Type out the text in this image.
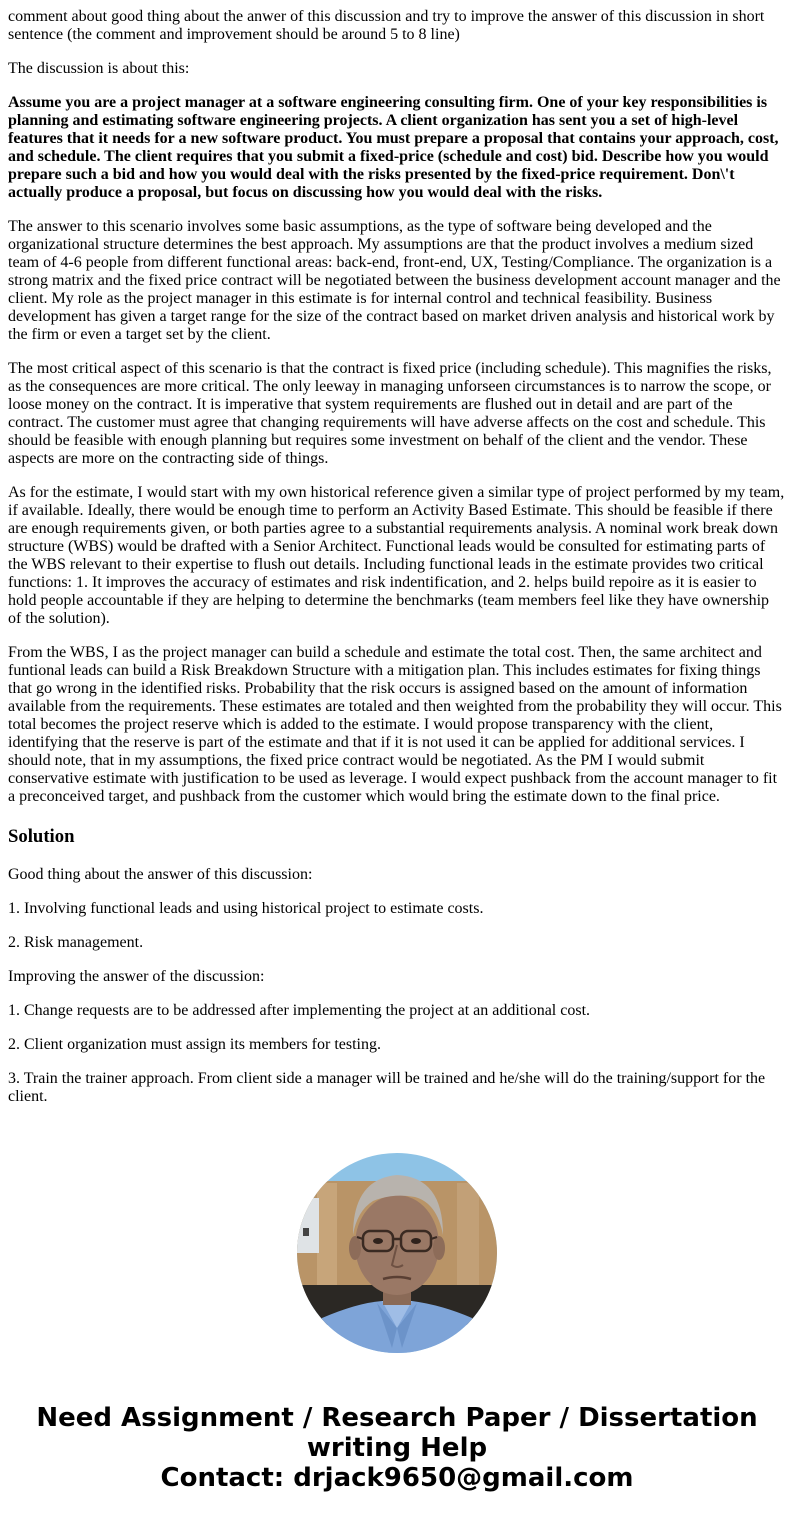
comment about good thing about the anwer of this discussion and try to improve the answer of this discussion in short sentence (the comment and improvement should be around 5 to 8 line)

The discussion is about this:

Assume you are a project manager at a software engineering consulting firm. One of your key responsibilities is planning and estimating software engineering projects. A client organization has sent you a set of high-level features that it needs for a new software product. You must prepare a proposal that contains your approach, cost, and schedule. The client requires that you submit a fixed-price (schedule and cost) bid. Describe how you would prepare such a bid and how you would deal with the risks presented by the fixed-price requirement. Don\'t actually produce a proposal, but focus on discussing how you would deal with the risks.

The answer to this scenario involves some basic assumptions, as the type of software being developed and the organizational structure determines the best approach. My assumptions are that the product involves a medium sized team of 4-6 people from different functional areas: back-end, front-end, UX, Testing/Compliance. The organization is a strong matrix and the fixed price contract will be negotiated between the business development account manager and the client. My role as the project manager in this estimate is for internal control and technical feasibility. Business development has given a target range for the size of the contract based on market driven analysis and historical work by the firm or even a target set by the client.

The most critical aspect of this scenario is that the contract is fixed price (including schedule). This magnifies the risks, as the consequences are more critical. The only leeway in managing unforseen circumstances is to narrow the scope, or loose money on the contract. It is imperative that system requirements are flushed out in detail and are part of the contract. The customer must agree that changing requirements will have adverse affects on the cost and schedule. This should be feasible with enough planning but requires some investment on behalf of the client and the vendor. These aspects are more on the contracting side of things.

As for the estimate, I would start with my own historical reference given a similar type of project performed by my team, if available. Ideally, there would be enough time to perform an Activity Based Estimate. This should be feasible if there are enough requirements given, or both parties agree to a substantial requirements analysis. A nominal work break down structure (WBS) would be drafted with a Senior Architect. Functional leads would be consulted for estimating parts of the WBS relevant to their expertise to flush out details. Including functional leads in the estimate provides two critical functions: 1. It improves the accuracy of estimates and risk indentification, and 2. helps build repoire as it is easier to hold people accountable if they are helping to determine the benchmarks (team members feel like they have ownership of the solution).

From the WBS, I as the project manager can build a schedule and estimate the total cost. Then, the same architect and funtional leads can build a Risk Breakdown Structure with a mitigation plan. This includes estimates for fixing things that go wrong in the identified risks. Probability that the risk occurs is assigned based on the amount of information available from the requirements. These estimates are totaled and then weighted from the probability they will occur. This total becomes the project reserve which is added to the estimate. I would propose transparency with the client, identifying that the reserve is part of the estimate and that if it is not used it can be applied for additional services. I should note, that in my assumptions, the fixed price contract would be negotiated. As the PM I would submit conservative estimate with justification to be used as leverage. I would expect pushback from the account manager to fit a preconceived target, and pushback from the customer which would bring the estimate down to the final price.

Solution

Good thing about the answer of this discussion:

1. Involving functional leads and using historical project to estimate costs.

2. Risk management.

Improving the answer of the discussion:

1. Change requests are to be addressed after implementing the project at an additional cost.

2. Client organization must assign its members for testing.

3. Train the trainer approach. From client side a manager will be trained and he/she will do the training/support for the client.

Need Assignment / Research Paper / Dissertation
writing Help
Contact: drjack9650@gmail.com
